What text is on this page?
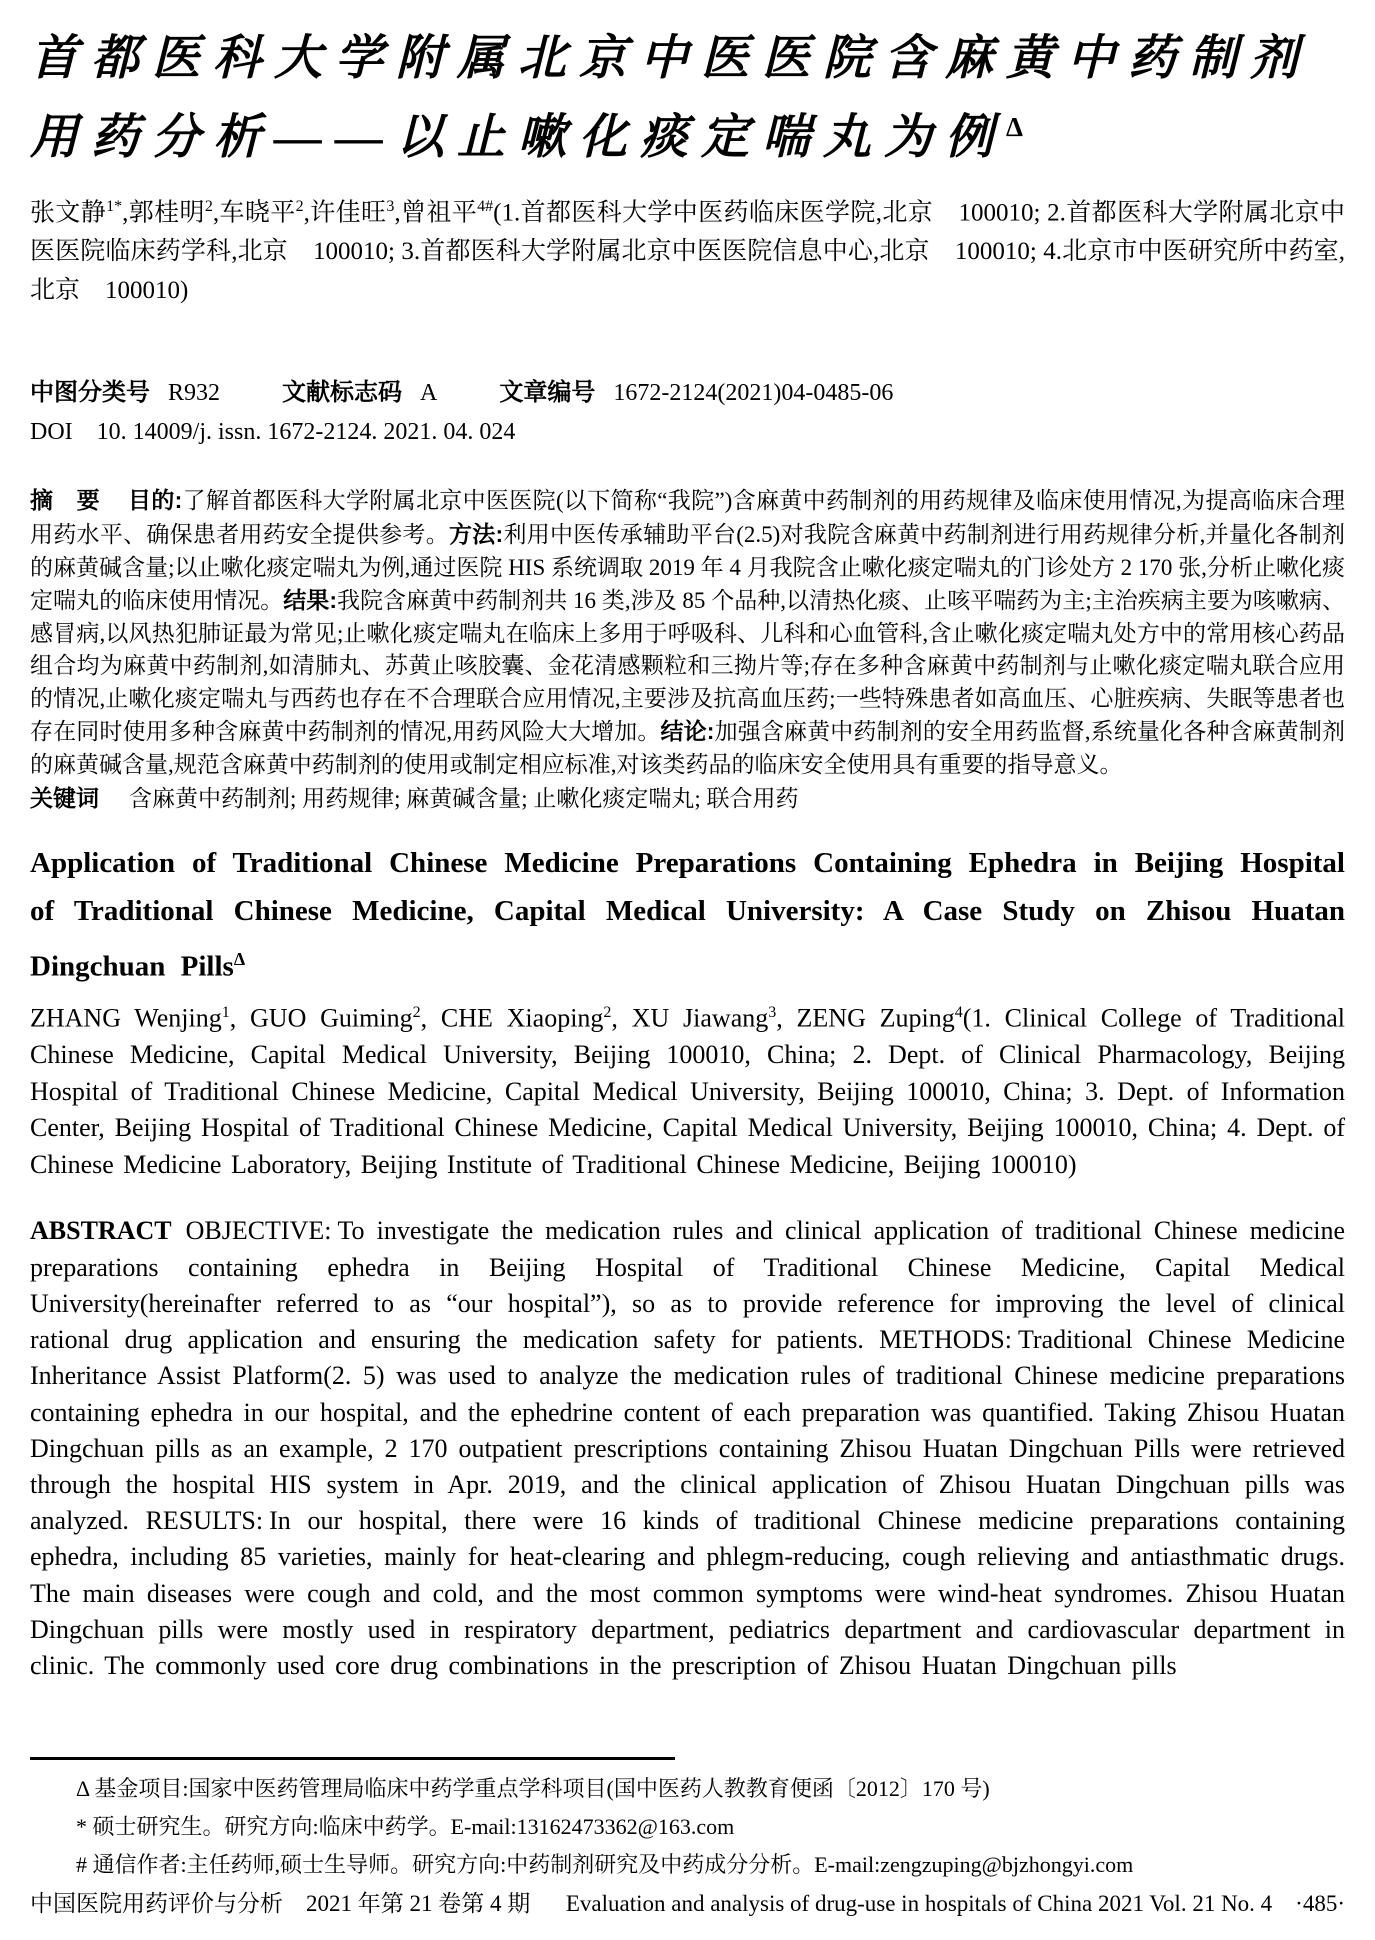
首都医科大学附属北京中医医院含麻黄中药制剂
用药分析——以止嗽化痰定喘丸为例$^\Delta$

张文静$^{1*}$,郭桂明$^2$,车晓平$^2$,许佳旺$^3$,曾祖平$^{4\#}$(1.首都医科大学中医药临床医学院,北京　100010; 2.首都医科大学附属北京中医医院临床药学科,北京　100010; 3.首都医科大学附属北京中医医院信息中心,北京　100010; 4.北京市中医研究所中药室,北京　100010)

中图分类号 R932	文献标志码 A	文章编号 1672-2124(2021)04-0485-06

DOI 10. 14009/j. issn. 1672-2124. 2021. 04. 024

摘　要 目的:了解首都医科大学附属北京中医医院(以下简称“我院”)含麻黄中药制剂的用药规律及临床使用情况,为提高临床合理用药水平、确保患者用药安全提供参考。方法:利用中医传承辅助平台(2.5)对我院含麻黄中药制剂进行用药规律分析,并量化各制剂的麻黄碱含量;以止嗽化痰定喘丸为例,通过医院 HIS 系统调取 2019 年 4 月我院含止嗽化痰定喘丸的门诊处方 2 170 张,分析止嗽化痰定喘丸的临床使用情况。结果:我院含麻黄中药制剂共 16 类,涉及 85 个品种,以清热化痰、止咳平喘药为主;主治疾病主要为咳嗽病、感冒病,以风热犯肺证最为常见;止嗽化痰定喘丸在临床上多用于呼吸科、儿科和心血管科,含止嗽化痰定喘丸处方中的常用核心药品组合均为麻黄中药制剂,如清肺丸、苏黄止咳胶囊、金花清感颗粒和三拗片等;存在多种含麻黄中药制剂与止嗽化痰定喘丸联合应用的情况,止嗽化痰定喘丸与西药也存在不合理联合应用情况,主要涉及抗高血压药;一些特殊患者如高血压、心脏疾病、失眠等患者也存在同时使用多种含麻黄中药制剂的情况,用药风险大大增加。结论:加强含麻黄中药制剂的安全用药监督,系统量化各种含麻黄制剂的麻黄碱含量,规范含麻黄中药制剂的使用或制定相应标准,对该类药品的临床安全使用具有重要的指导意义。

关键词 含麻黄中药制剂; 用药规律; 麻黄碱含量; 止嗽化痰定喘丸; 联合用药

Application of Traditional Chinese Medicine Preparations Containing Ephedra in Beijing Hospital of Traditional Chinese Medicine, Capital Medical University: A Case Study on Zhisou Huatan Dingchuan Pills$^\Delta$

ZHANG Wenjing$^1$, GUO Guiming$^2$, CHE Xiaoping$^2$, XU Jiawang$^3$, ZENG Zuping$^4$(1. Clinical College of Traditional Chinese Medicine, Capital Medical University, Beijing 100010, China; 2. Dept. of Clinical Pharmacology, Beijing Hospital of Traditional Chinese Medicine, Capital Medical University, Beijing 100010, China; 3. Dept. of Information Center, Beijing Hospital of Traditional Chinese Medicine, Capital Medical University, Beijing 100010, China; 4. Dept. of Chinese Medicine Laboratory, Beijing Institute of Traditional Chinese Medicine, Beijing 100010)

ABSTRACT OBJECTIVE: To investigate the medication rules and clinical application of traditional Chinese medicine preparations containing ephedra in Beijing Hospital of Traditional Chinese Medicine, Capital Medical University(hereinafter referred to as “our hospital”), so as to provide reference for improving the level of clinical rational drug application and ensuring the medication safety for patients. METHODS: Traditional Chinese Medicine Inheritance Assist Platform(2. 5) was used to analyze the medication rules of traditional Chinese medicine preparations containing ephedra in our hospital, and the ephedrine content of each preparation was quantified. Taking Zhisou Huatan Dingchuan pills as an example, 2 170 outpatient prescriptions containing Zhisou Huatan Dingchuan Pills were retrieved through the hospital HIS system in Apr. 2019, and the clinical application of Zhisou Huatan Dingchuan pills was analyzed. RESULTS: In our hospital, there were 16 kinds of traditional Chinese medicine preparations containing ephedra, including 85 varieties, mainly for heat-clearing and phlegm-reducing, cough relieving and antiasthmatic drugs. The main diseases were cough and cold, and the most common symptoms were wind-heat syndromes. Zhisou Huatan Dingchuan pills were mostly used in respiratory department, pediatrics department and cardiovascular department in clinic. The commonly used core drug combinations in the prescription of Zhisou Huatan Dingchuan pills

Δ 基金项目:国家中医药管理局临床中药学重点学科项目(国中医药人教教育便函〔2012〕170 号)

* 硕士研究生。研究方向:临床中药学。E-mail:13162473362@163.com

# 通信作者:主任药师,硕士生导师。研究方向:中药制剂研究及中药成分分析。E-mail:zengzuping@bjzhongyi.com

中国医院用药评价与分析　2021 年第 21 卷第 4 期 Evaluation and analysis of drug-use in hospitals of China 2021 Vol. 21 No. 4　·485·
